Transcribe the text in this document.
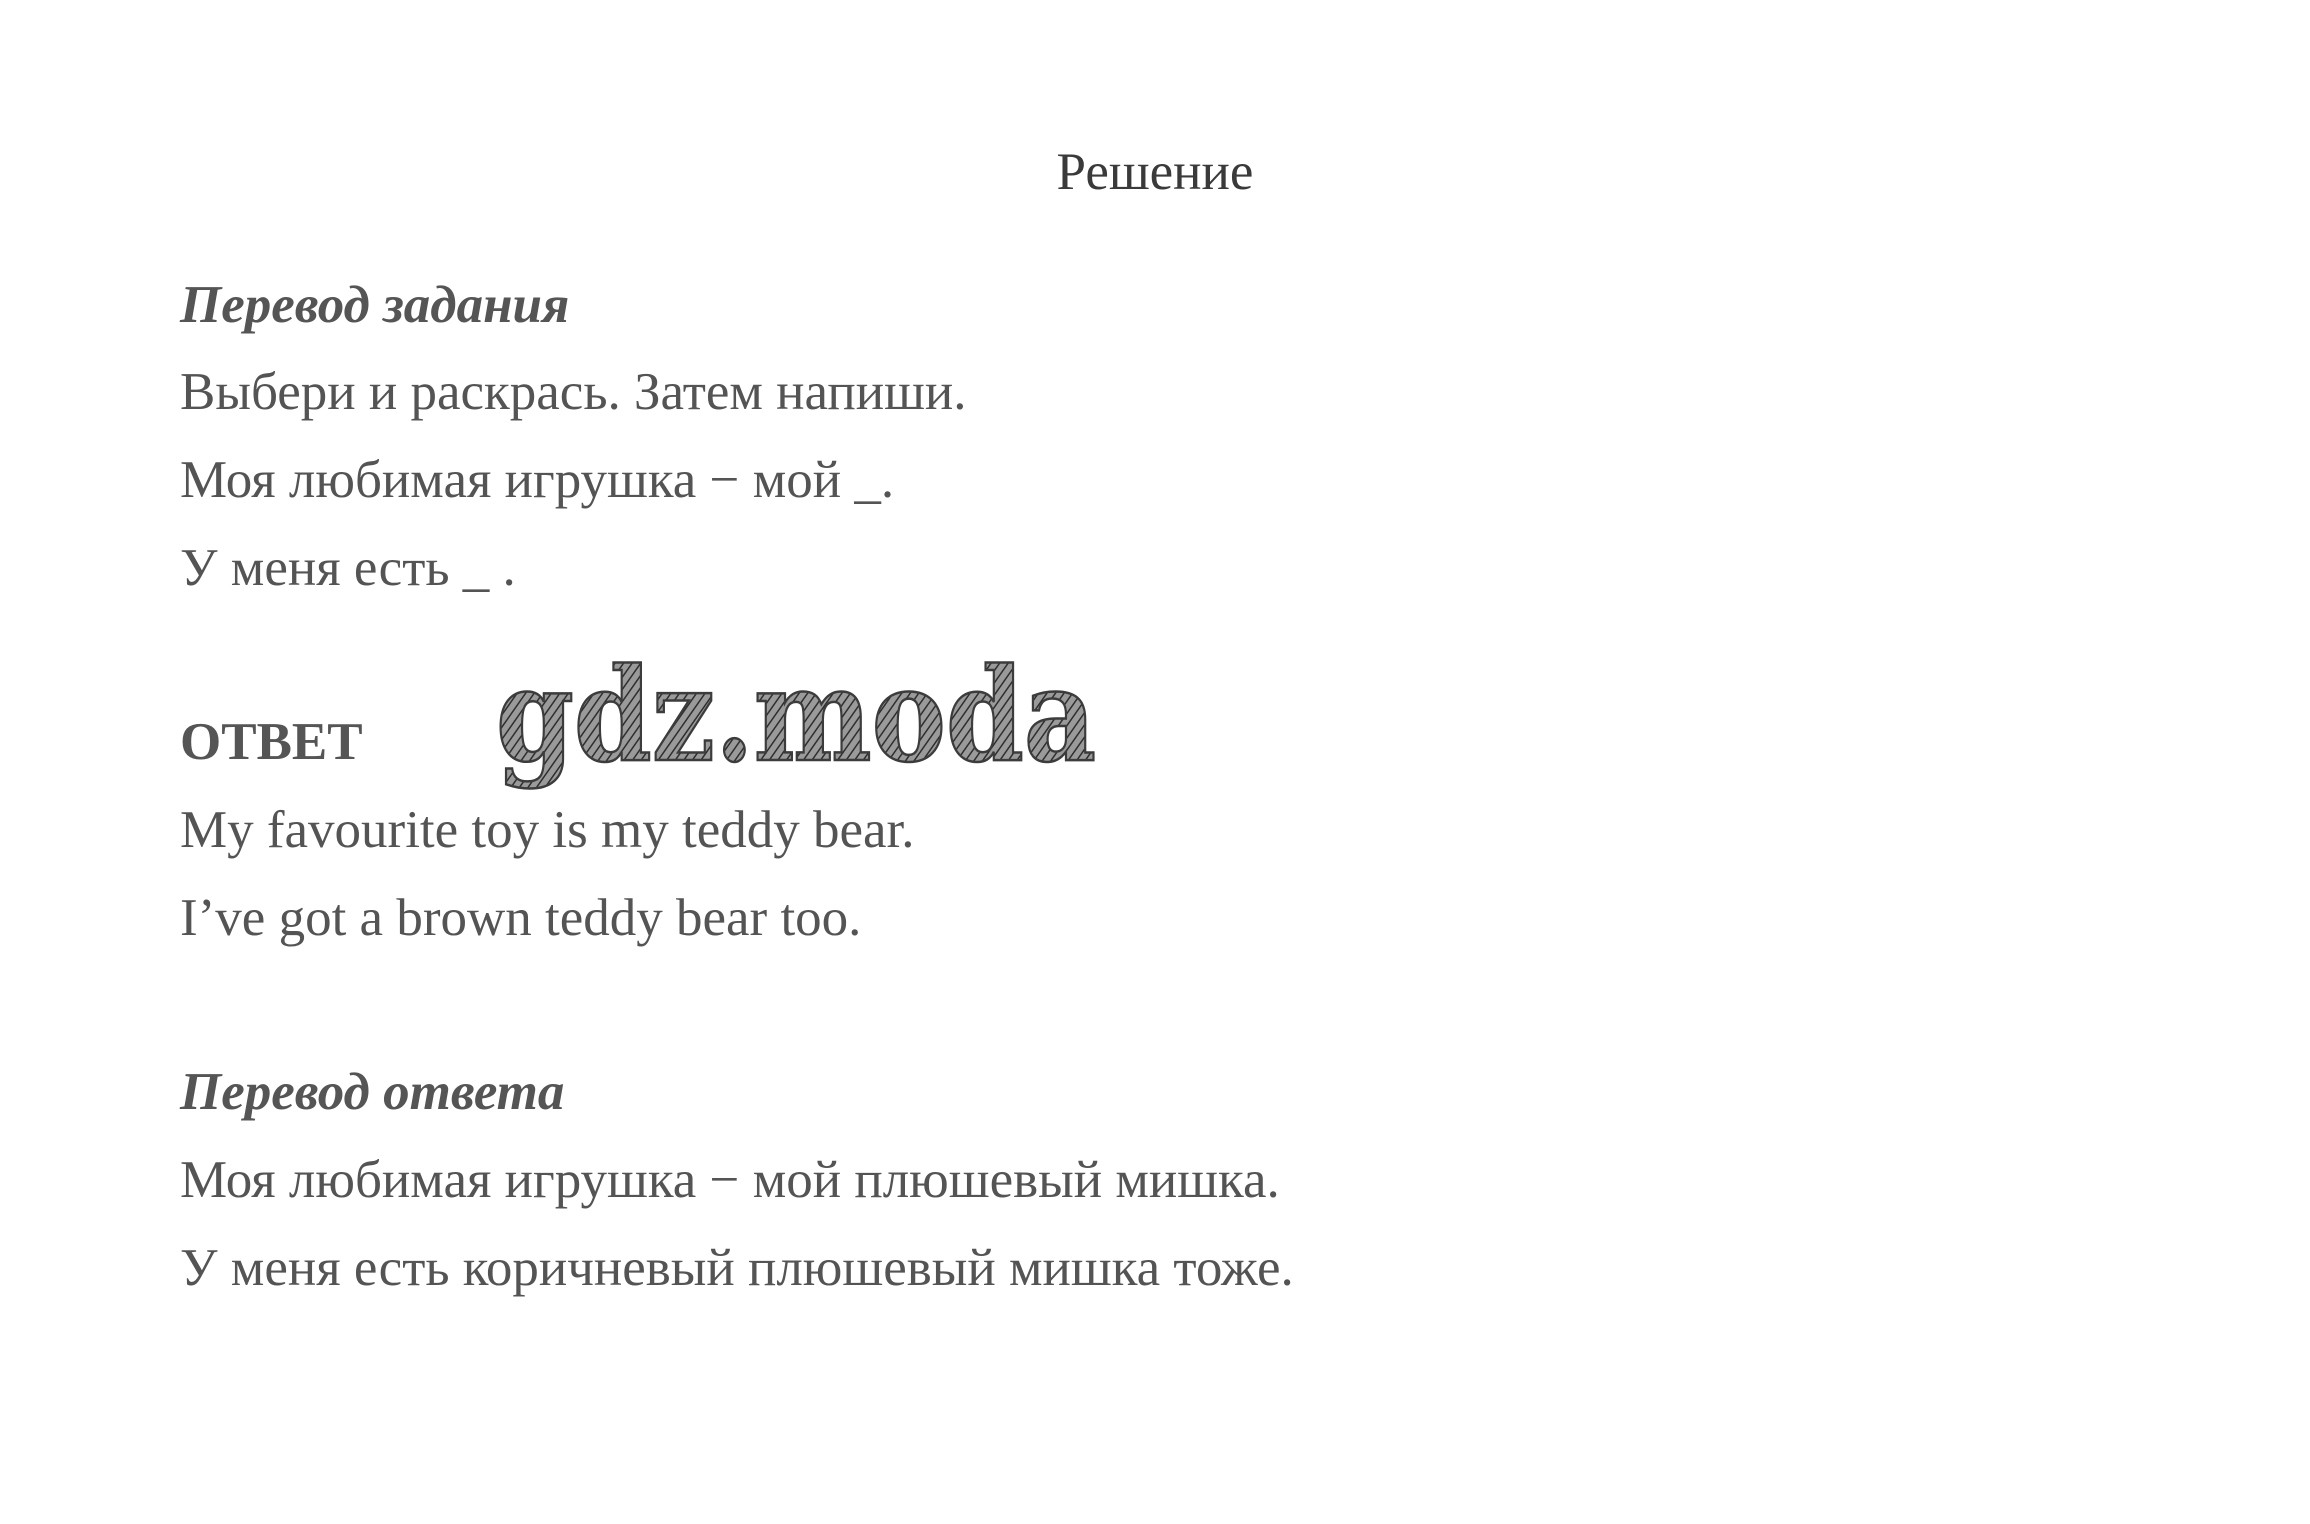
Решение
Перевод задания
Выбери и раскрась. Затем напиши.
Моя любимая игрушка − мой _.
У меня есть _ .
ОТВЕТ gdz.moda
My favourite toy is my teddy bear.
I’ve got a brown teddy bear too.
Перевод ответа
Моя любимая игрушка − мой плюшевый мишка.
У меня есть коричневый плюшевый мишка тоже.
